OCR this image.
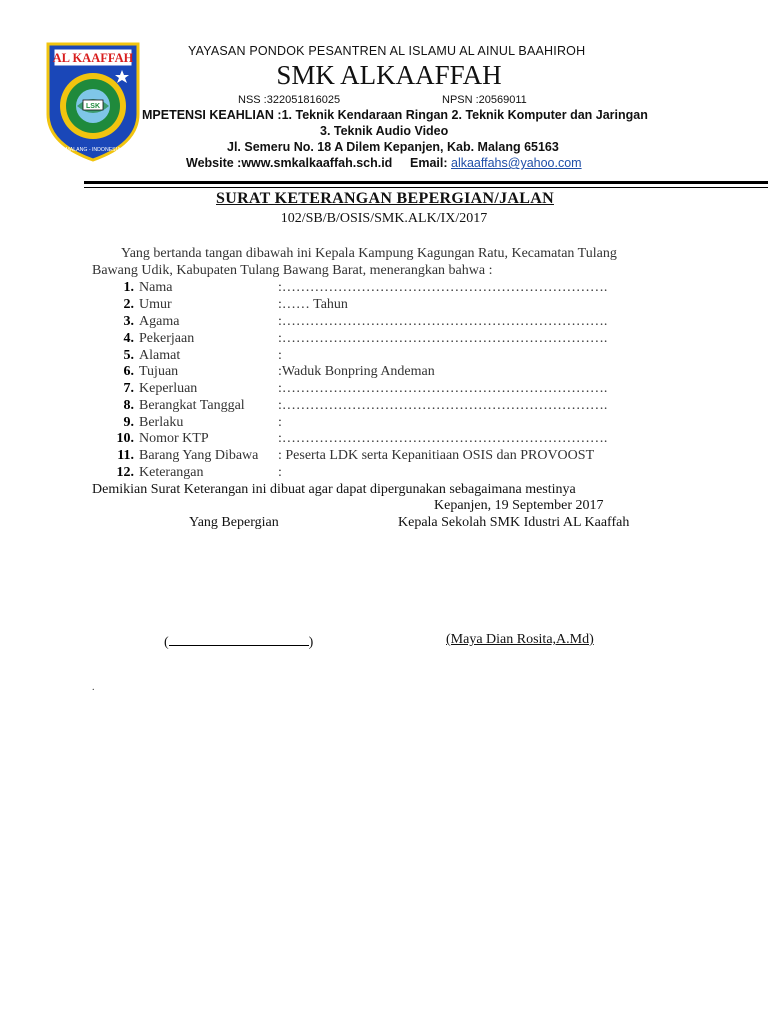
AL KAAFFAH
LSK
MALANG - INDONESIA
YAYASAN PONDOK PESANTREN AL ISLAMU AL AINUL BAAHIROH
SMK ALKAAFFAH
NSS :322051816025	NPSN :20569011
MPETENSI KEAHLIAN :1. Teknik Kendaraan Ringan 2. Teknik Komputer dan Jaringan
3. Teknik Audio Video
Jl. Semeru No. 18 A Dilem Kepanjen, Kab. Malang 65163
Website :www.smkalkaaffah.sch.id Email: alkaaffahs@yahoo.com
SURAT KETERANGAN BEPERGIAN/JALAN
102/SB/B/OSIS/SMK.ALK/IX/2017
Yang bertanda tangan dibawah ini Kepala Kampung Kagungan Ratu, Kecamatan Tulang
Bawang Udik, Kabupaten Tulang Bawang Barat, menerangkan bahwa :
1. Nama	:…………………………………………………………….
2. Umur	:…… Tahun
3. Agama	:…………………………………………………………….
4. Pekerjaan	:…………………………………………………………….
5. Alamat	:
6. Tujuan	:Waduk Bonpring Andeman
7. Keperluan	:…………………………………………………………….
8. Berangkat Tanggal :…………………………………………………………….
9. Berlaku	:
10. Nomor KTP	:…………………………………………………………….
11. Barang Yang Dibawa : Peserta LDK serta Kepanitiaan OSIS dan PROVOOST
12. Keterangan	:
Demikian Surat Keterangan ini dibuat agar dapat dipergunakan sebagaimana mestinya
Kepanjen, 19 September 2017
Yang Bepergian	Kepala Sekolah SMK Idustri AL Kaaffah
(	)	(Maya Dian Rosita,A.Md)
.
